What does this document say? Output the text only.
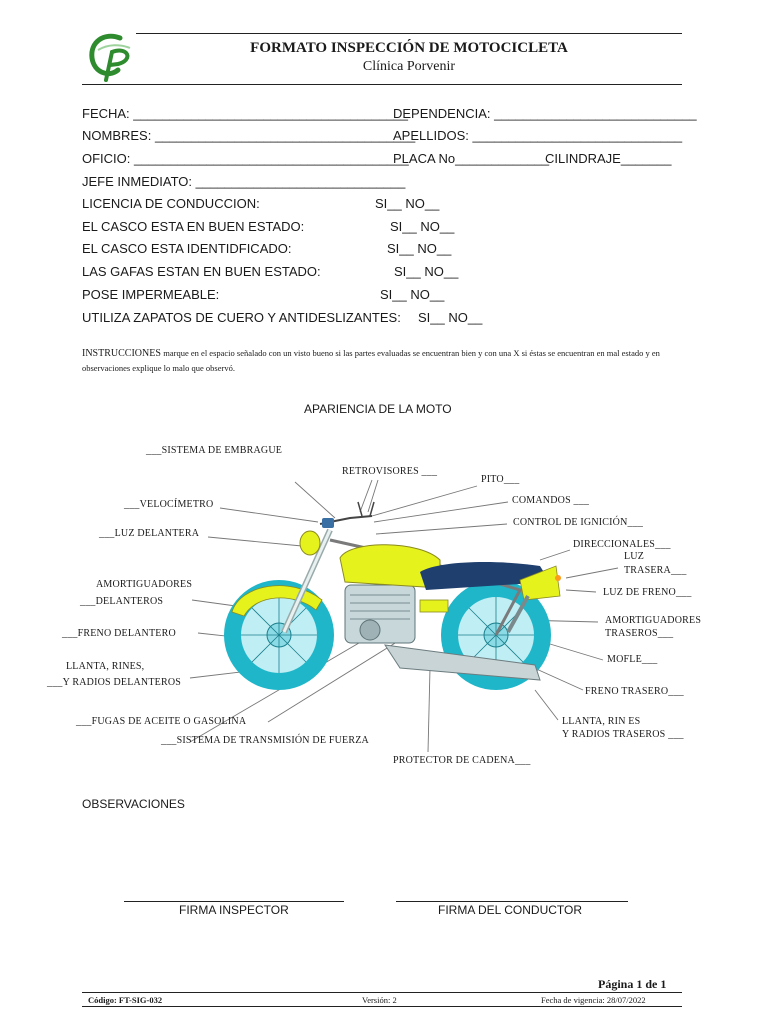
FORMATO INSPECCIÓN DE MOTOCICLETA
Clínica Porvenir
FECHA: ______________________________________
DEPENDENCIA: ____________________________
NOMBRES: ____________________________________
APELLIDOS: _____________________________
OFICIO: ______________________________________
PLACA No_____________
CILINDRAJE_______
JEFE INMEDIATO: _____________________________
LICENCIA DE CONDUCCION:	SI__ NO__
EL CASCO ESTA EN BUEN ESTADO:	SI__ NO__
EL CASCO ESTA IDENTIDFICADO:	SI__ NO__
LAS GAFAS ESTAN EN BUEN ESTADO:	SI__ NO__
POSE IMPERMEABLE:	SI__ NO__
UTILIZA ZAPATOS DE CUERO Y ANTIDESLIZANTES: SI__ NO__
INSTRUCCIONES marque en el espacio señalado con un visto bueno si las partes evaluadas se encuentran bien y con una X si éstas se encuentran en mal estado y en observaciones explique lo malo que observó.
APARIENCIA DE LA MOTO
___SISTEMA DE EMBRAGUE
RETROVISORES ___
PITO___
___VELOCÍMETRO	COMANDOS ___
CONTROL DE IGNICIÓN___
___LUZ DELANTERA
DIRECCIONALES___
LUZ
TRASERA___
AMORTIGUADORES
___DELANTEROS
LUZ DE FRENO___
AMORTIGUADORES
TRASEROS___
___FRENO DELANTERO
MOFLE___
LLANTA, RINES,
___Y RADIOS DELANTEROS
FRENO TRASERO___
___FUGAS DE ACEITE O GASOLINA	LLANTA, RIN ES
Y RADIOS TRASEROS ___
___SISTEMA DE TRANSMISIÓN DE FUERZA
PROTECTOR DE CADENA___
OBSERVACIONES
FIRMA INSPECTOR	FIRMA DEL CONDUCTOR
Página 1 de 1
Código: FT-SIG-032	Versión: 2	Fecha de vigencia: 28/07/2022
